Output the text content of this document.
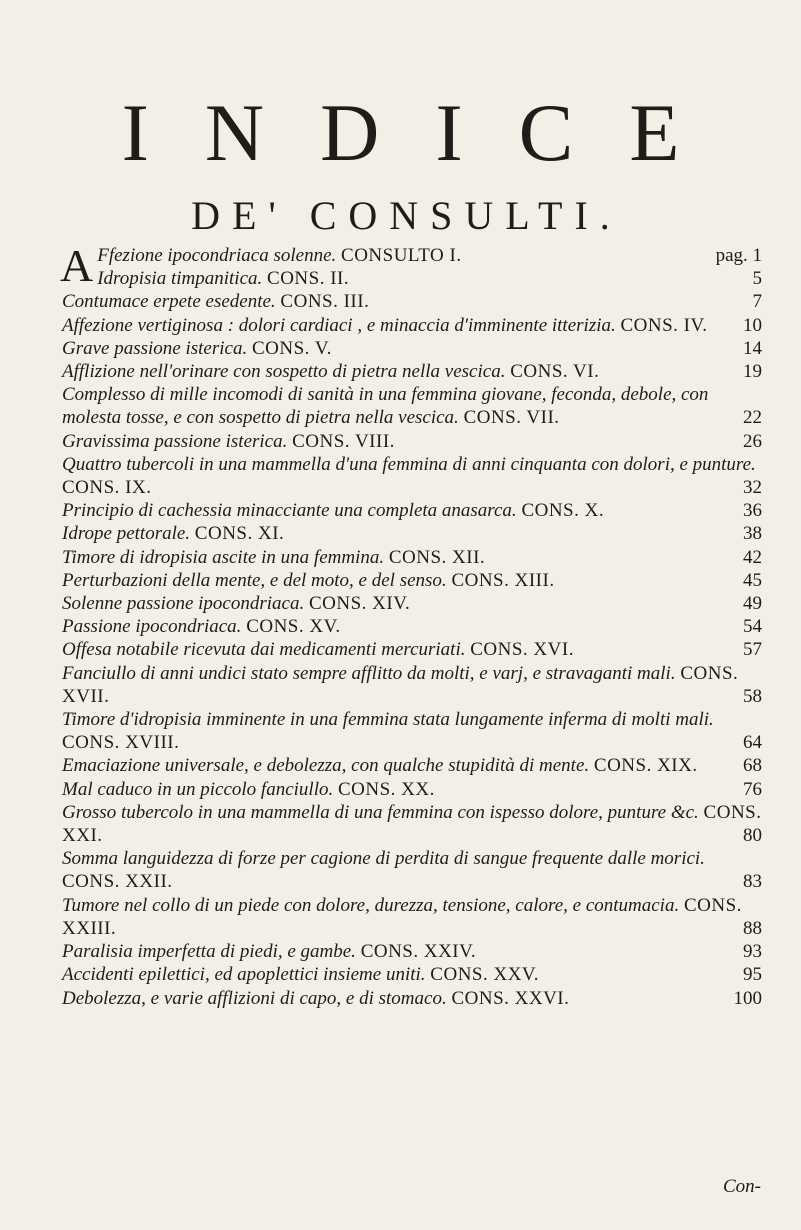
INDICE
DE' CONSULTI.

A Ffezione ipocondriaca solenne. CONSULTO I.	pag. 1

Idropisia timpanitica. CONS. II.	5

Contumace erpete esedente. CONS. III.	7

Affezione vertiginosa : dolori cardiaci , e minaccia d'imminente itterizia. CONS. IV. 10

Grave passione isterica. CONS. V.	14

Afflizione nell'orinare con sospetto di pietra nella vescica. CONS. VI.	19

Complesso di mille incomodi di sanità in una femmina giovane, feconda, debole, con molesta tosse, e con sospetto di pietra nella vescica. CONS. VII.	22

Gravissima passione isterica. CONS. VIII.	26

Quattro tubercoli in una mammella d'una femmina di anni cinquanta con dolori, e punture. CONS. IX.	32

Principio di cachessia minacciante una completa anasarca. CONS. X.	36

Idrope pettorale. CONS. XI.	38

Timore di idropisia ascite in una femmina. CONS. XII.	42

Perturbazioni della mente, e del moto, e del senso. CONS. XIII.	45

Solenne passione ipocondriaca. CONS. XIV.	49

Passione ipocondriaca. CONS. XV.	54

Offesa notabile ricevuta dai medicamenti mercuriati. CONS. XVI.	57

Fanciullo di anni undici stato sempre afflitto da molti, e varj, e stravaganti mali. CONS. XVII.	58

Timore d'idropisia imminente in una femmina stata lungamente inferma di molti mali. CONS. XVIII.	64

Emaciazione universale, e debolezza, con qualche stupidità di mente. CONS. XIX. 68

Mal caduco in un piccolo fanciullo. CONS. XX.	76

Grosso tubercolo in una mammella di una femmina con ispesso dolore, punture &c. CONS. XXI.	80

Somma languidezza di forze per cagione di perdita di sangue frequente dalle morici. CONS. XXII.	83

Tumore nel collo di un piede con dolore, durezza, tensione, calore, e contumacia. CONS. XXIII.	88

Paralisia imperfetta di piedi, e gambe. CONS. XXIV.	93

Accidenti epilettici, ed apoplettici insieme uniti. CONS. XXV.	95

Debolezza, e varie afflizioni di capo, e di stomaco. CONS. XXVI.	100

Con-
